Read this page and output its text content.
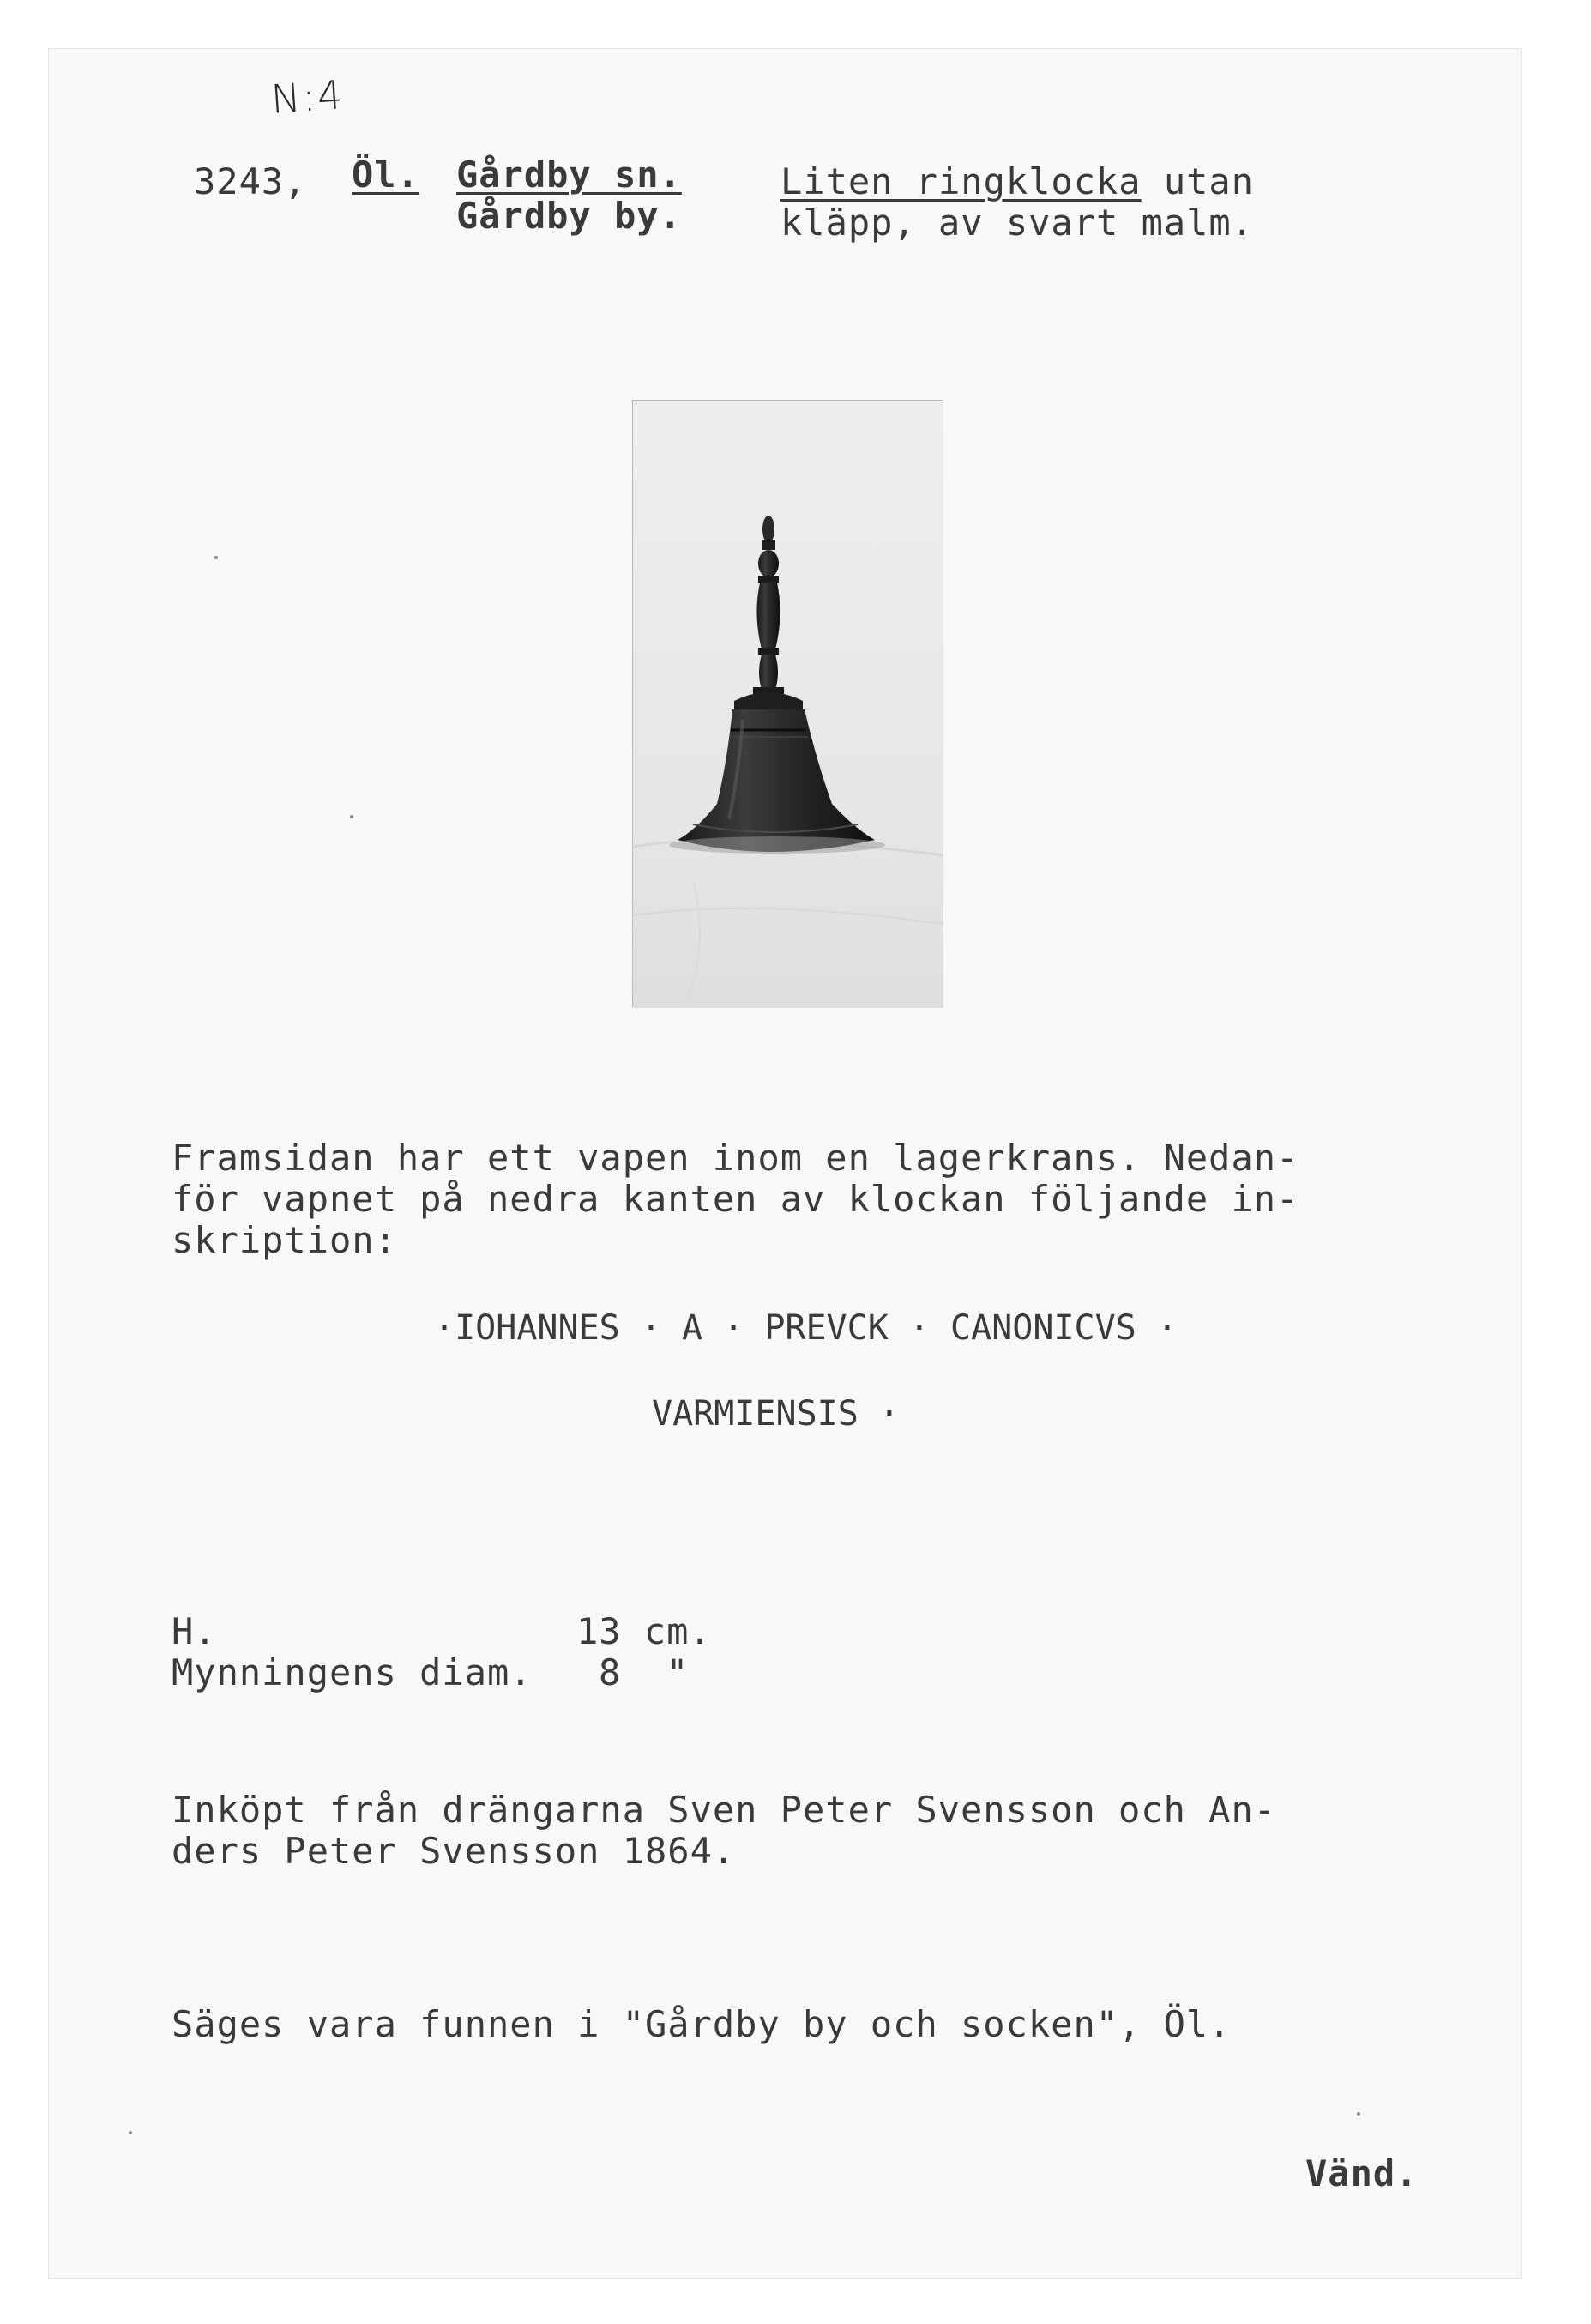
N:4
3243, Öl. Gårdby sn.	Liten ringklocka utan
Gårdby by.	kläpp, av svart malm.
Framsidan har ett vapen inom en lagerkrans. Nedan-
för vapnet på nedra kanten av klockan följande in-
skription:
·IOHANNES · A · PREVCK · CANONICVS ·
VARMIENSIS ·
H.	13 cm.
Mynningens diam. 8  "
Inköpt från drängarna Sven Peter Svensson och An-
ders Peter Svensson 1864.
Säges vara funnen i "Gårdby by och socken", Öl.
Vänd.
